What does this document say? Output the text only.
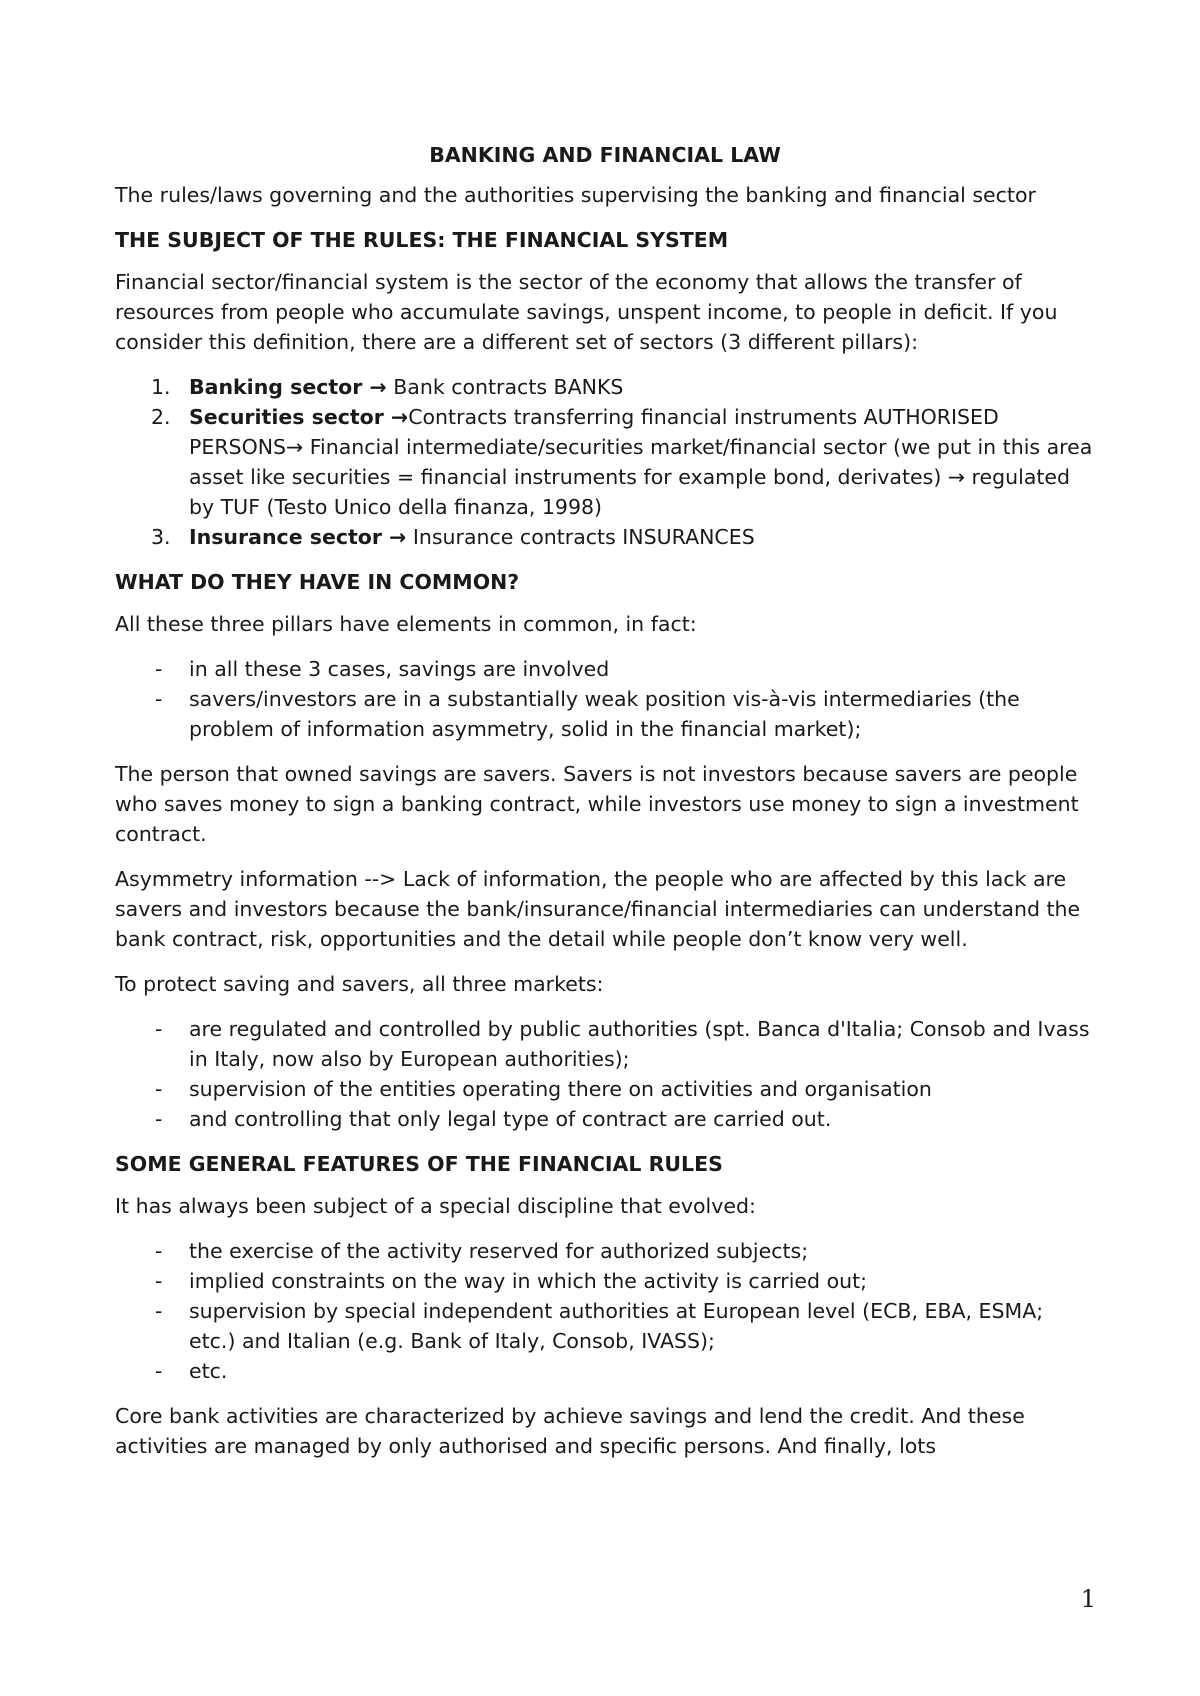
BANKING AND FINANCIAL LAW

The rules/laws governing and the authorities supervising the banking and financial sector

THE SUBJECT OF THE RULES: THE FINANCIAL SYSTEM

Financial sector/financial system is the sector of the economy that allows the transfer of resources from people who accumulate savings, unspent income, to people in deficit. If you consider this definition, there are a different set of sectors (3 different pillars):

1. Banking sector → Bank contracts BANKS
2. Securities sector →Contracts transferring financial instruments AUTHORISED PERSONS→ Financial intermediate/securities market/financial sector (we put in this area asset like securities = financial instruments for example bond, derivates) → regulated by TUF (Testo Unico della finanza, 1998)
3. Insurance sector → Insurance contracts INSURANCES
WHAT DO THEY HAVE IN COMMON?

All these three pillars have elements in common, in fact:

- in all these 3 cases, savings are involved
- savers/investors are in a substantially weak position vis-à-vis intermediaries (the problem of information asymmetry, solid in the financial market);

The person that owned savings are savers. Savers is not investors because savers are people who saves money to sign a banking contract, while investors use money to sign a investment contract.

Asymmetry information --> Lack of information, the people who are affected by this lack are savers and investors because the bank/insurance/financial intermediaries can understand the bank contract, risk, opportunities and the detail while people don’t know very well.

To protect saving and savers, all three markets:

- are regulated and controlled by public authorities (spt. Banca d'Italia; Consob and Ivass in Italy, now also by European authorities);
- supervision of the entities operating there on activities and organisation
- and controlling that only legal type of contract are carried out.
SOME GENERAL FEATURES OF THE FINANCIAL RULES

It has always been subject of a special discipline that evolved:

- the exercise of the activity reserved for authorized subjects;
- implied constraints on the way in which the activity is carried out;
- supervision by special independent authorities at European level (ECB, EBA, ESMA; etc.) and Italian (e.g. Bank of Italy, Consob, IVASS);
- etc.

Core bank activities are characterized by achieve savings and lend the credit. And these activities are managed by only authorised and specific persons. And finally, lots

1
